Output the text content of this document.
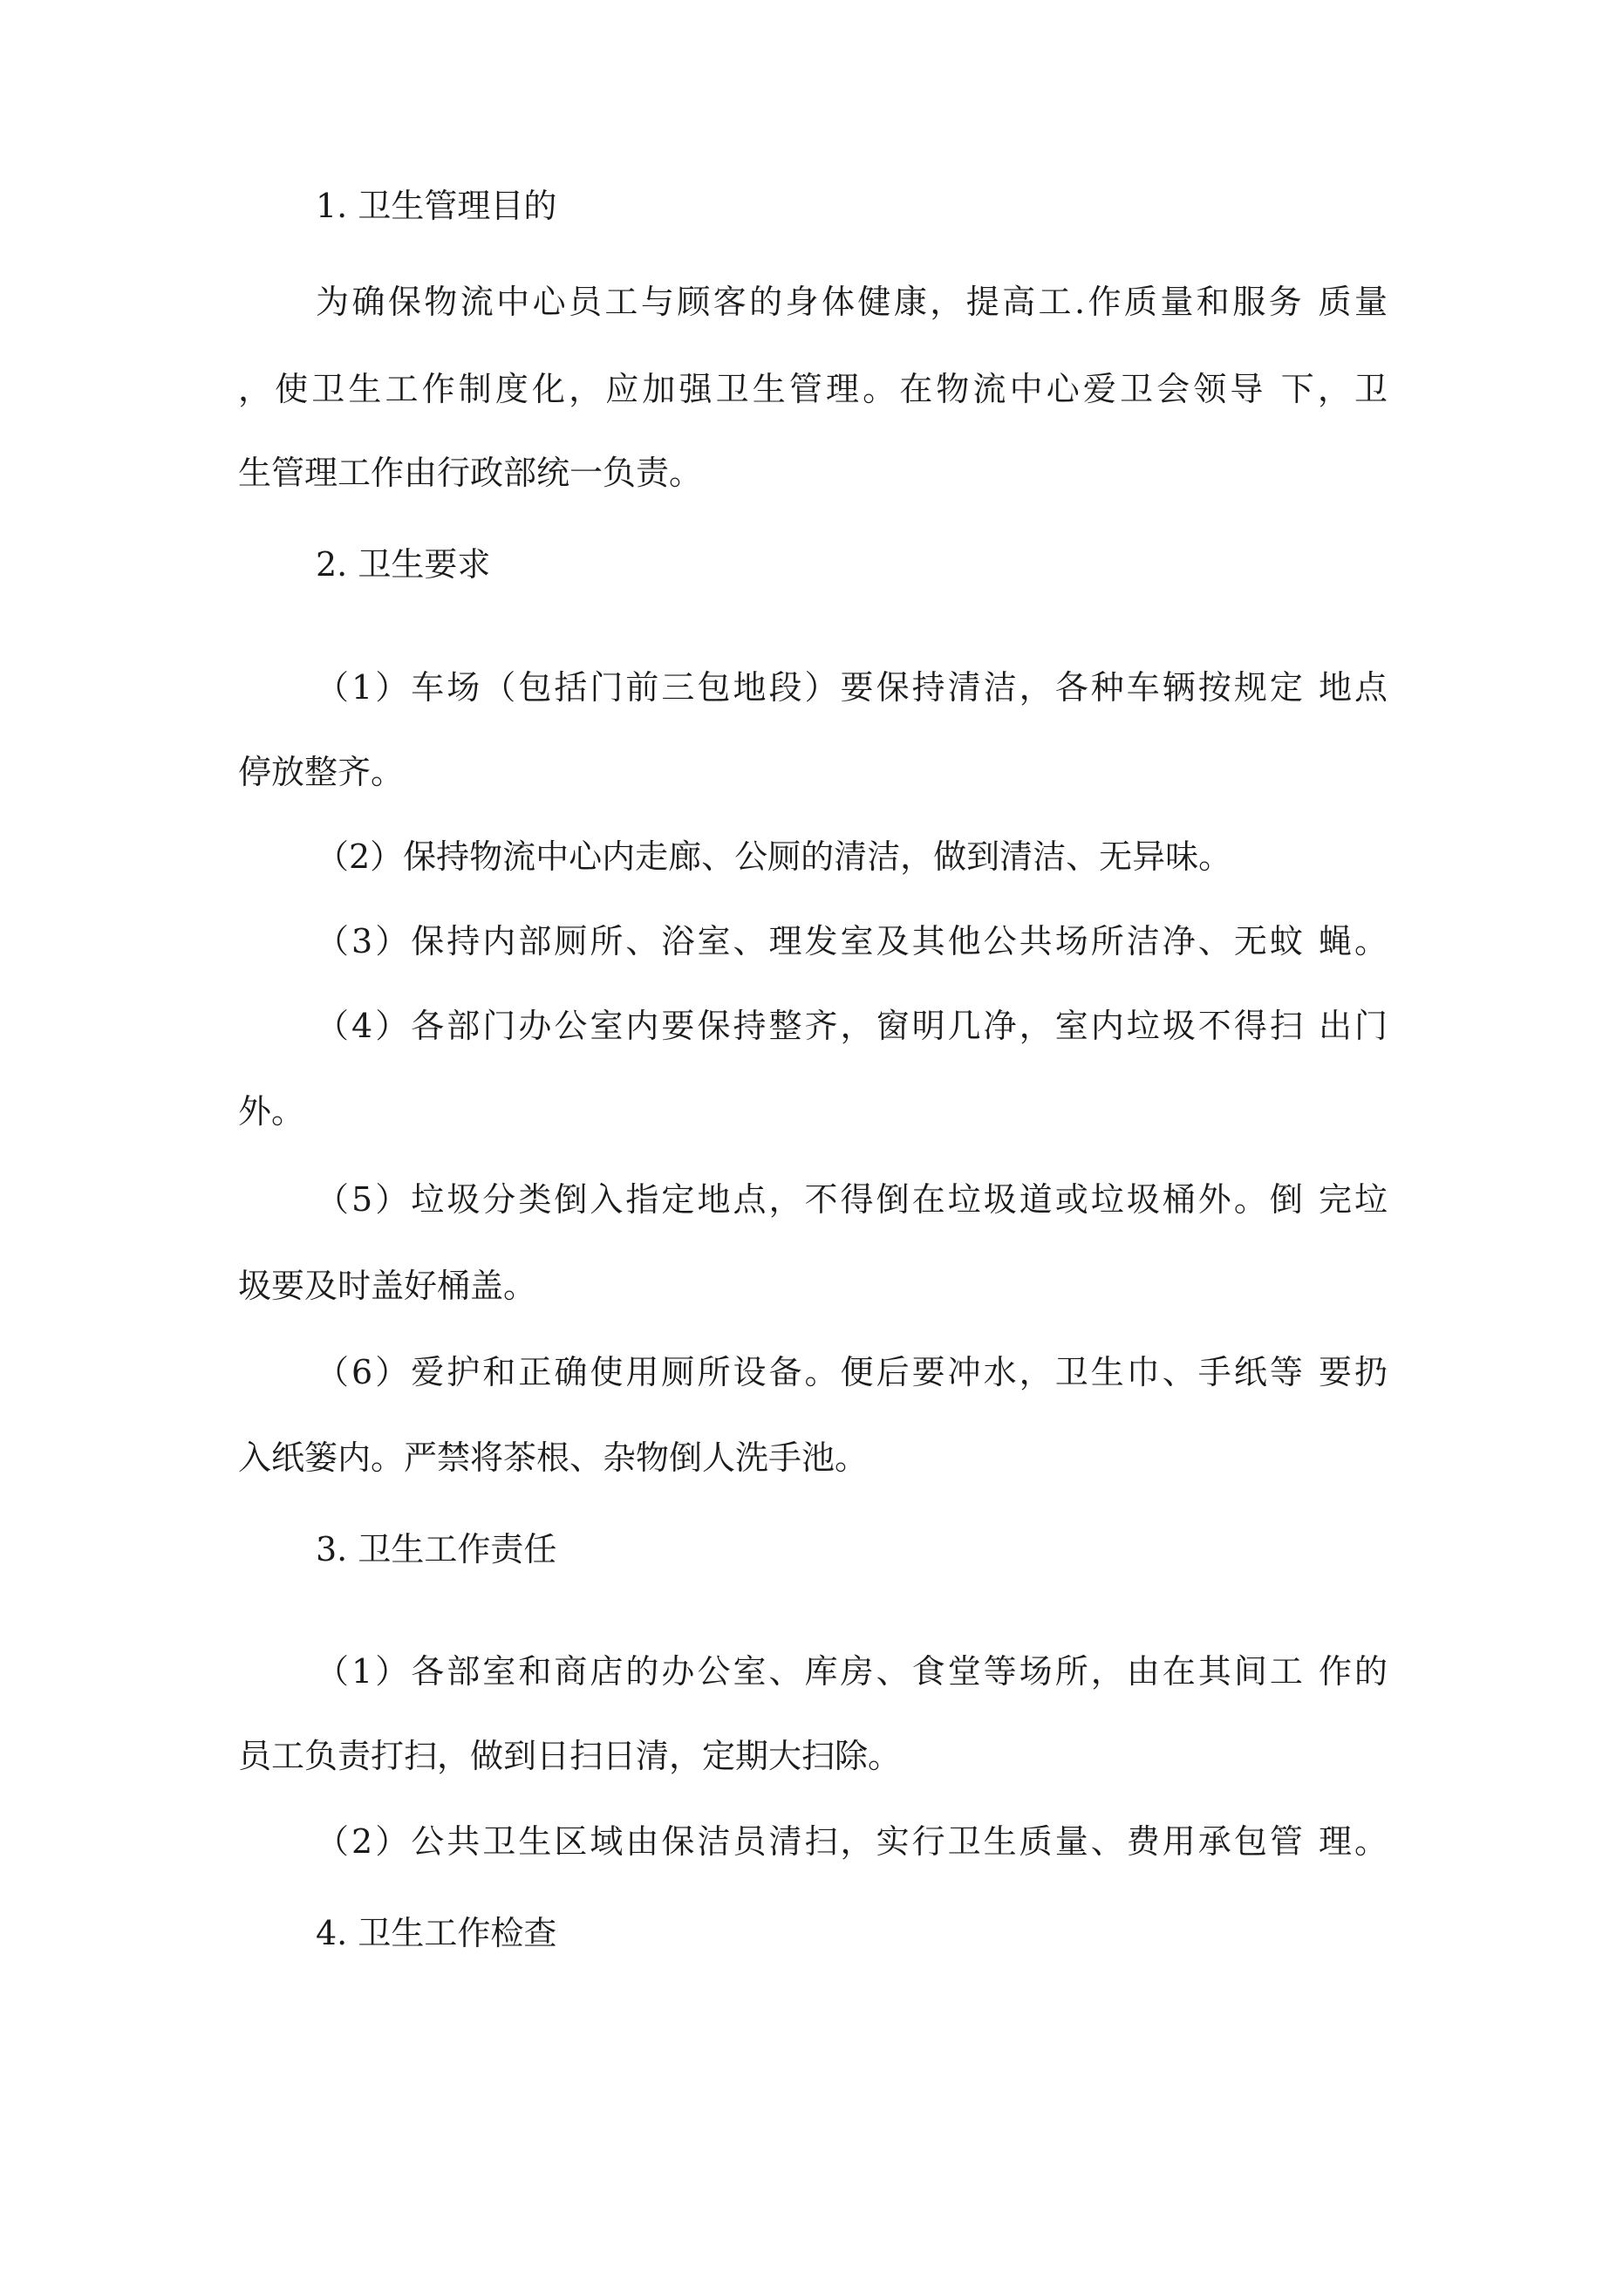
1. 卫生管理目的
为确保物流中心员工与顾客的身体健康，提高工.作质量和服务 质量
，使卫生工作制度化，应加强卫生管理。在物流中心爱卫会领导 下，卫
生管理工作由行政部统一负责。
2. 卫生要求
（1）车场（包括门前三包地段）要保持清洁，各种车辆按规定 地点
停放整齐。
（2）保持物流中心内走廊、公厕的清洁，做到清洁、无异味。
（3）保持内部厕所、浴室、理发室及其他公共场所洁净、无蚊 蝇。
（4）各部门办公室内要保持整齐，窗明几净，室内垃圾不得扫 出门
外。
（5）垃圾分类倒入指定地点，不得倒在垃圾道或垃圾桶外。倒 完垃
圾要及时盖好桶盖。
（6）爱护和正确使用厕所设备。便后要冲水，卫生巾、手纸等 要扔
入纸篓内。严禁将茶根、杂物倒人洗手池。
3. 卫生工作责任
（1）各部室和商店的办公室、库房、食堂等场所，由在其间工 作的
员工负责打扫，做到日扫日清，定期大扫除。
（2）公共卫生区域由保洁员清扫，实行卫生质量、费用承包管 理。
4. 卫生工作检查
